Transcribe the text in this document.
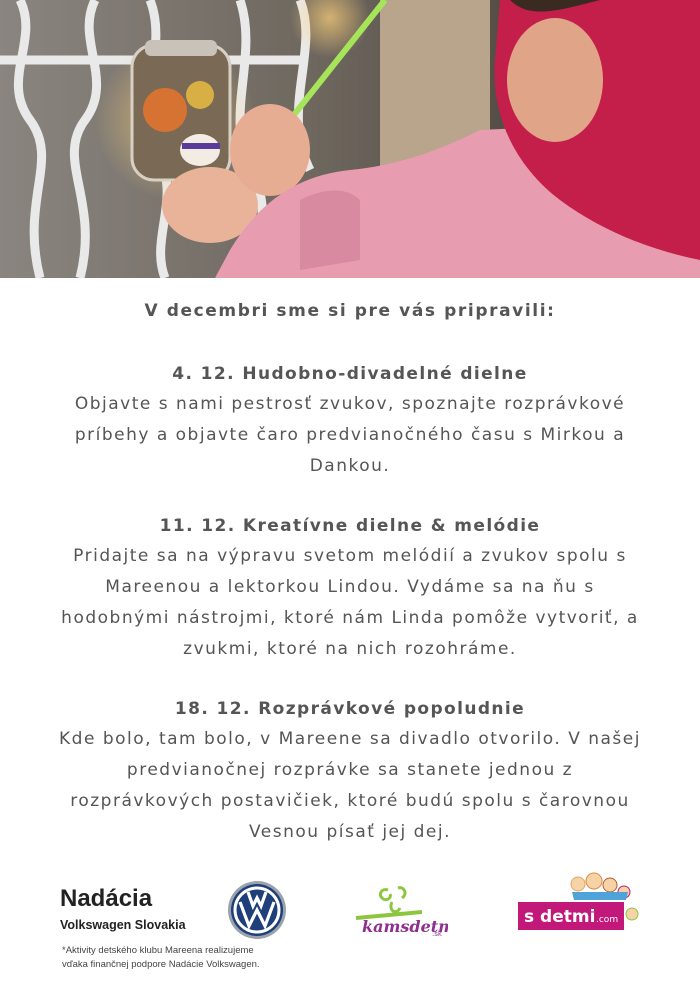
V decembri sme si pre vás pripravili:

4. 12. Hudobno-divadelné dielne

Objavte s nami pestrosť zvukov, spoznajte rozprávkové
príbehy a objavte čaro predvianočného času s Mirkou a
Dankou.

11. 12. Kreatívne dielne & melódie

Pridajte sa na výpravu svetom melódií a zvukov spolu s
Mareenou a lektorkou Lindou. Vydáme sa na ňu s
hodobnými nástrojmi, ktoré nám Linda pomôže vytvoriť, a
zvukmi, ktoré na nich rozohráme.

18. 12. Rozprávkové popoludnie

Kde bolo, tam bolo, v Mareene sa divadlo otvorilo. V našej
predvianočnej rozprávke sa stanete jednou z
rozprávkových postavičiek, ktoré budú spolu s čarovnou
Vesnou písať jej dej.

Nadácia
Volkswagen Slovakia	kamsdet
.sk
s detmi .com
*Aktivity detského klubu Mareena realizujeme
vďaka finančnej podpore Nadácie Volkswagen.
